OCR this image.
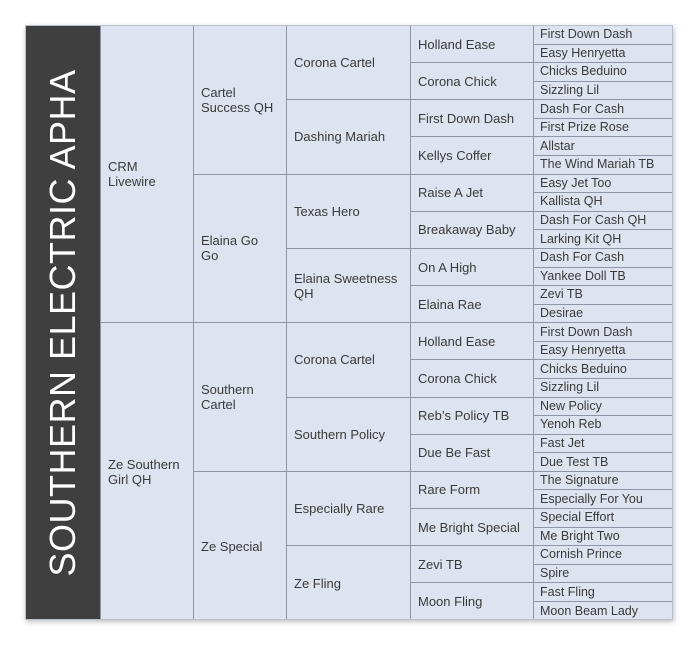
SOUTHERN ELECTRIC APHA CRM Livewire
Ze Southern Girl QH
Cartel Success QH
Elaina Go Go
Southern Cartel
Ze Special
Corona Cartel
Dashing Mariah
Texas Hero
Elaina Sweetness QH
Corona Cartel
Southern Policy
Especially Rare
Ze Fling
Holland Ease
Corona Chick
First Down Dash
Kellys Coffer
Raise A Jet
Breakaway Baby
On A High
Elaina Rae
Holland Ease
Corona Chick
Reb’s Policy TB
Due Be Fast
Rare Form
Me Bright Special
Zevi TB
Moon Fling
First Down Dash
Easy Henryetta
Chicks Beduino
Sizzling Lil
Dash For Cash
First Prize Rose
Allstar
The Wind Mariah TB
Easy Jet Too
Kallista QH
Dash For Cash QH
Larking Kit QH
Dash For Cash
Yankee Doll TB
Zevi TB
Desirae
First Down Dash
Easy Henryetta
Chicks Beduino
Sizzling Lil
New Policy
Yenoh Reb
Fast Jet
Due Test TB
The Signature
Especially For You
Special Effort
Me Bright Two
Cornish Prince
Spire
Fast Fling
Moon Beam Lady
